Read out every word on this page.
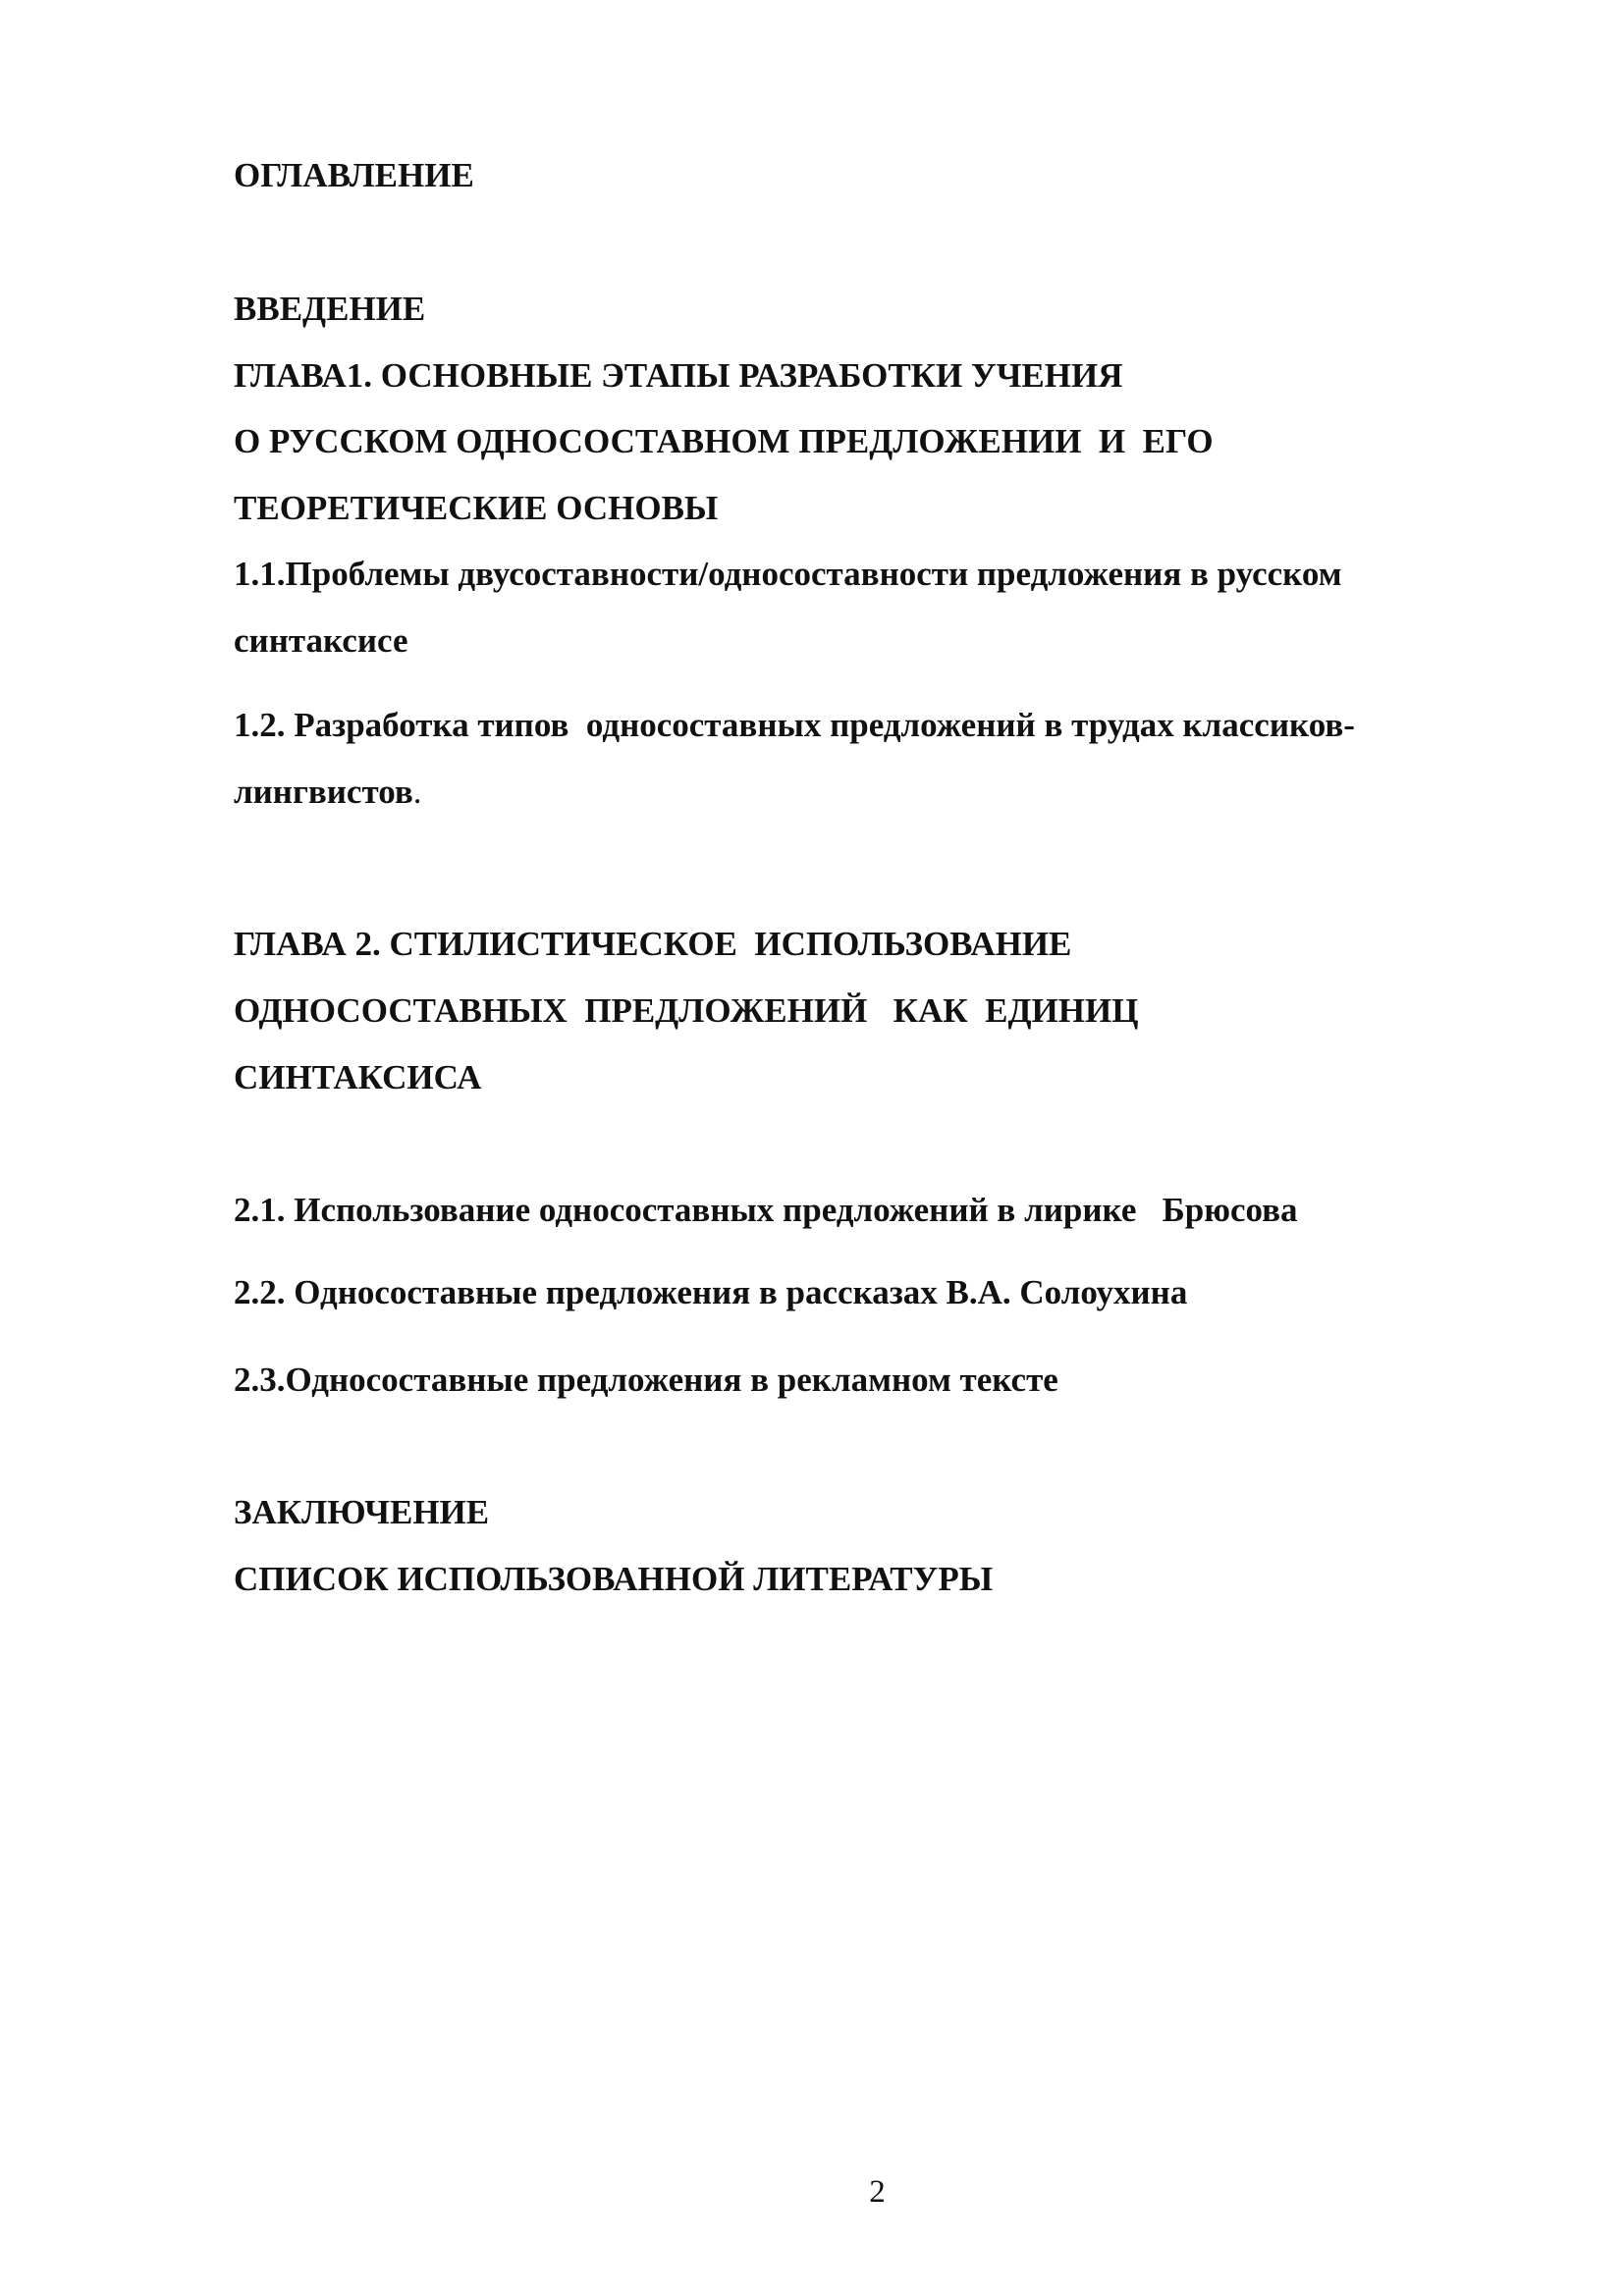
ОГЛАВЛЕНИЕ

ВВЕДЕНИЕ

ГЛАВА1. ОСНОВНЫЕ ЭТАПЫ РАЗРАБОТКИ УЧЕНИЯ

О РУССКОМ ОДНОСОСТАВНОМ ПРЕДЛОЖЕНИИ  И  ЕГО

ТЕОРЕТИЧЕСКИЕ ОСНОВЫ

1.1.Проблемы двусоставности/односоставности предложения в русском

синтаксисе

1.2. Разработка типов  односоставных предложений в трудах классиков-

лингвистов.

ГЛАВА 2. СТИЛИСТИЧЕСКОЕ  ИСПОЛЬЗОВАНИЕ

ОДНОСОСТАВНЫХ  ПРЕДЛОЖЕНИЙ   КАК  ЕДИНИЦ

СИНТАКСИСА

2.1. Использование односоставных предложений в лирике   Брюсова

2.2. Односоставные предложения в рассказах В.А. Солоухина

2.3.Односоставные предложения в рекламном тексте

ЗАКЛЮЧЕНИЕ

СПИСОК ИСПОЛЬЗОВАННОЙ ЛИТЕРАТУРЫ

2
